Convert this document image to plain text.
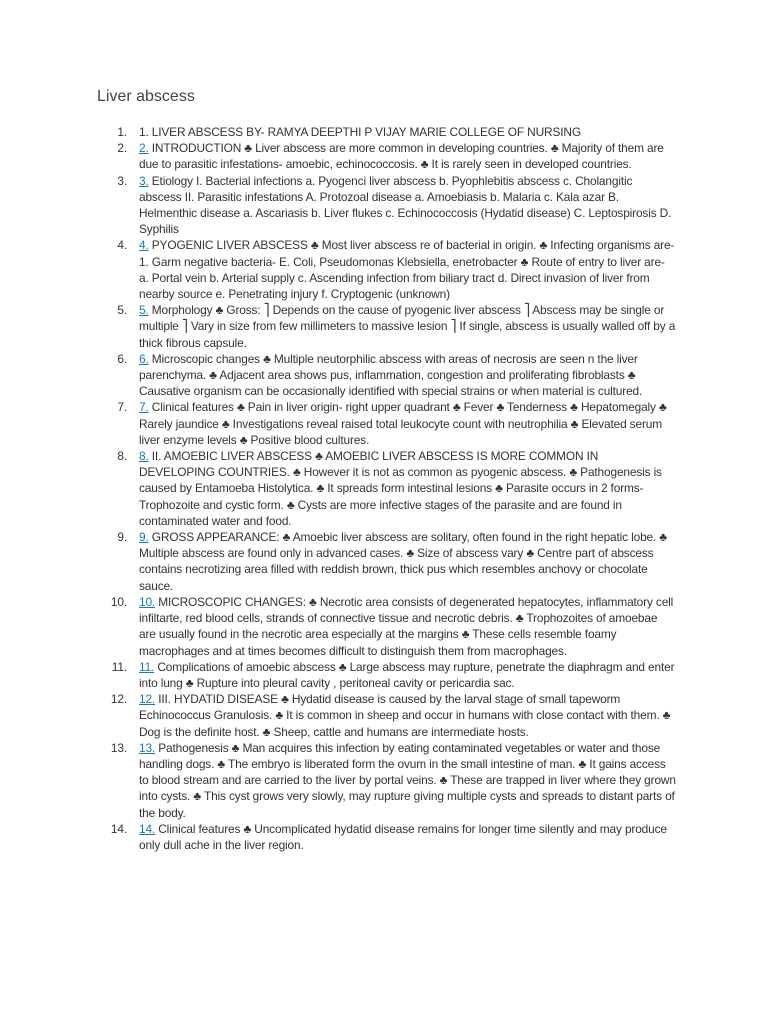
Liver abscess
1. 1. LIVER ABSCESS BY- RAMYA DEEPTHI P VIJAY MARIE COLLEGE OF NURSING
2. 2. INTRODUCTION ♣ Liver abscess are more common in developing countries. ♣ Majority of them are due to parasitic infestations- amoebic, echinococcosis. ♣ It is rarely seen in developed countries.
3. 3. Etiology I. Bacterial infections a. Pyogenci liver abscess b. Pyophlebitis abscess c. Cholangitic abscess II. Parasitic infestations A. Protozoal disease a. Amoebiasis b. Malaria c. Kala azar B. Helmenthic disease a. Ascariasis b. Liver flukes c. Echinococcosis (Hydatid disease) C. Leptospirosis D. Syphilis
4. 4. PYOGENIC LIVER ABSCESS ♣ Most liver abscess re of bacterial in origin. ♣ Infecting organisms are- 1. Garm negative bacteria- E. Coli, Pseudomonas Klebsiella, enetrobacter ♣ Route of entry to liver are- a. Portal vein b. Arterial supply c. Ascending infection from biliary tract d. Direct invasion of liver from nearby source e. Penetrating injury f. Cryptogenic (unknown)
5. 5. Morphology ♣ Gross: ⎤ Depends on the cause of pyogenic liver abscess ⎤ Abscess may be single or multiple ⎤ Vary in size from few millimeters to massive lesion ⎤ If single, abscess is usually walled off by a thick fibrous capsule.
6. 6. Microscopic changes ♣ Multiple neutorphilic abscess with areas of necrosis are seen n the liver parenchyma. ♣ Adjacent area shows pus, inflammation, congestion and proliferating fibroblasts ♣ Causative organism can be occasionally identified with special strains or when material is cultured.
7. 7. Clinical features ♣ Pain in liver origin- right upper quadrant ♣ Fever ♣ Tenderness ♣ Hepatomegaly ♣ Rarely jaundice ♣ Investigations reveal raised total leukocyte count with neutrophilia ♣ Elevated serum liver enzyme levels ♣ Positive blood cultures.
8. 8. II. AMOEBIC LIVER ABSCESS ♣ AMOEBIC LIVER ABSCESS IS MORE COMMON IN DEVELOPING COUNTRIES. ♣ However it is not as common as pyogenic abscess. ♣ Pathogenesis is caused by Entamoeba Histolytica. ♣ It spreads form intestinal lesions ♣ Parasite occurs in 2 forms- Trophozoite and cystic form. ♣ Cysts are more infective stages of the parasite and are found in contaminated water and food.
9. 9. GROSS APPEARANCE: ♣ Amoebic liver abscess are solitary, often found in the right hepatic lobe. ♣ Multiple abscess are found only in advanced cases. ♣ Size of abscess vary ♣ Centre part of abscess contains necrotizing area filled with reddish brown, thick pus which resembles anchovy or chocolate sauce.
10. 10. MICROSCOPIC CHANGES: ♣ Necrotic area consists of degenerated hepatocytes, inflammatory cell infiltarte, red blood cells, strands of connective tissue and necrotic debris. ♣ Trophozoites of amoebae are usually found in the necrotic area especially at the margins ♣ These cells resemble foamy macrophages and at times becomes difficult to distinguish them from macrophages.
11. 11. Complications of amoebic abscess ♣ Large abscess may rupture, penetrate the diaphragm and enter into lung ♣ Rupture into pleural cavity , peritoneal cavity or pericardia sac.
12. 12. III. HYDATID DISEASE ♣ Hydatid disease is caused by the larval stage of small tapeworm Echinococcus Granulosis. ♣ It is common in sheep and occur in humans with close contact with them. ♣ Dog is the definite host. ♣ Sheep, cattle and humans are intermediate hosts.
13. 13. Pathogenesis ♣ Man acquires this infection by eating contaminated vegetables or water and those handling dogs. ♣ The embryo is liberated form the ovum in the small intestine of man. ♣ It gains access to blood stream and are carried to the liver by portal veins. ♣ These are trapped in liver where they grown into cysts. ♣ This cyst grows very slowly, may rupture giving multiple cysts and spreads to distant parts of the body.
14. 14. Clinical features ♣ Uncomplicated hydatid disease remains for longer time silently and may produce only dull ache in the liver region.
